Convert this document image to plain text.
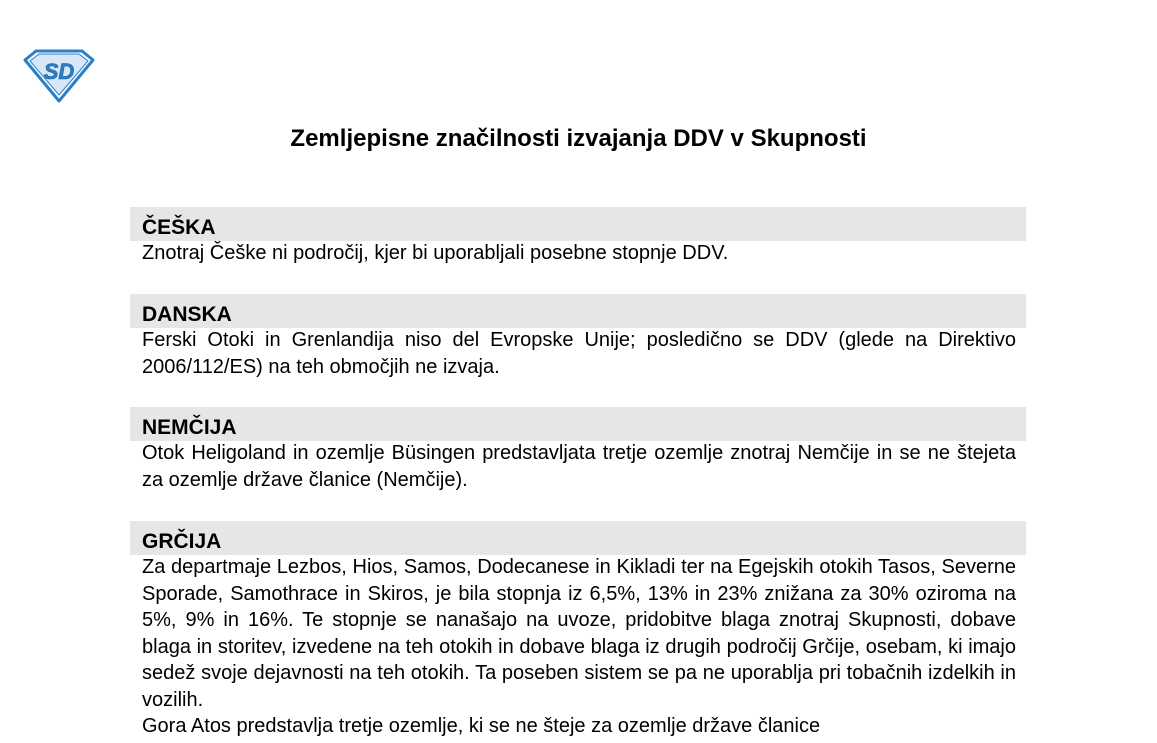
SD
Zemljepisne značilnosti izvajanja DDV v Skupnosti
ČEŠKA

Znotraj Češke ni področij, kjer bi uporabljali posebne stopnje DDV.

DANSKA

Ferski Otoki in Grenlandija niso del Evropske Unije; posledično se DDV (glede na Direktivo 2006/112/ES) na teh območjih ne izvaja.

NEMČIJA

Otok Heligoland in ozemlje Büsingen predstavljata tretje ozemlje znotraj Nemčije in se ne štejeta za ozemlje države članice (Nemčije).

GRČIJA

Za departmaje Lezbos, Hios, Samos, Dodecanese in Kikladi ter na Egejskih otokih Tasos, Severne Sporade, Samothrace in Skiros, je bila stopnja iz 6,5%, 13% in 23% znižana za 30% oziroma na 5%, 9% in 16%. Te stopnje se nanašajo na uvoze, pridobitve blaga znotraj Skupnosti, dobave blaga in storitev, izvedene na teh otokih in dobave blaga iz drugih področij Grčije, osebam, ki imajo sedež svoje dejavnosti na teh otokih. Ta poseben sistem se pa ne uporablja pri tobačnih izdelkih in vozilih.

Gora Atos predstavlja tretje ozemlje, ki se ne šteje za ozemlje države članice
